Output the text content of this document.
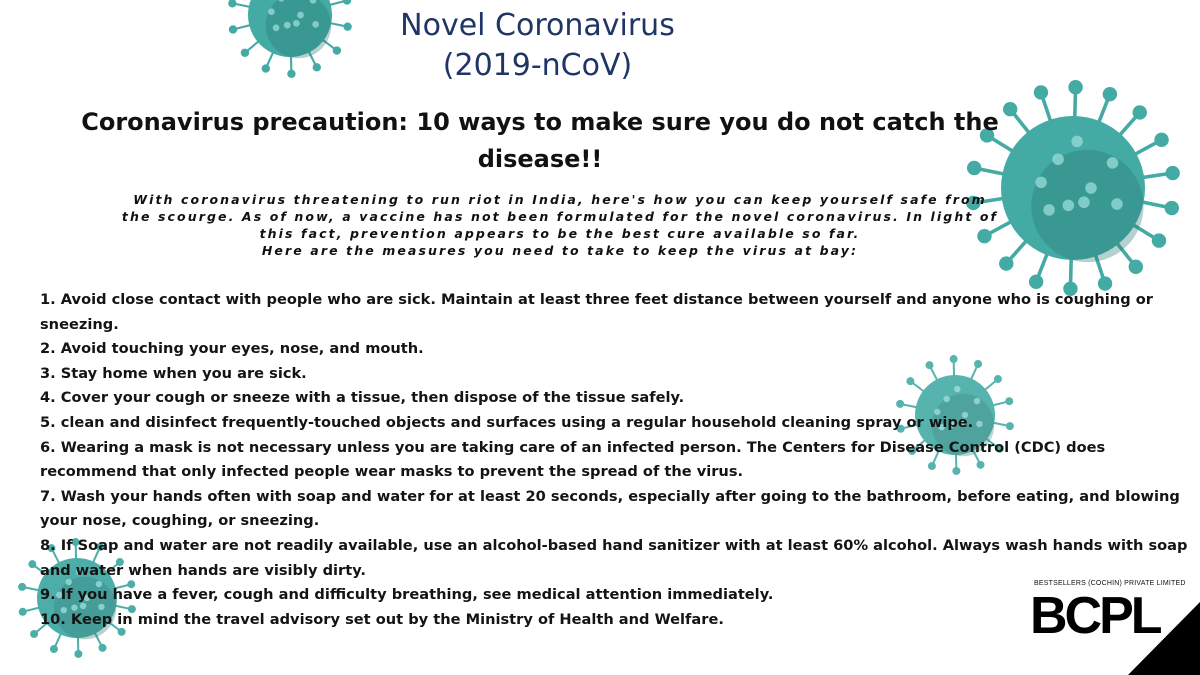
Novel Coronavirus
(2019-nCoV)
Coronavirus precaution: 10 ways to make sure you do not catch the disease!!
With coronavirus threatening to run riot in India, here's how you can keep yourself safe from
the scourge. As of now, a vaccine has not been formulated for the novel coronavirus. In light of
this fact, prevention appears to be the best cure available so far.
Here are the measures you need to take to keep the virus at bay:
1. Avoid close contact with people who are sick. Maintain at least three feet distance between yourself and anyone who is coughing or sneezing.
2. Avoid touching your eyes, nose, and mouth.
3. Stay home when you are sick.
4. Cover your cough or sneeze with a tissue, then dispose of the tissue safely.
5. clean and disinfect frequently-touched objects and surfaces using a regular household cleaning spray or wipe.
6. Wearing a mask is not necessary unless you are taking care of an infected person. The Centers for Disease Control (CDC) does recommend that only infected people wear masks to prevent the spread of the virus.
7. Wash your hands often with soap and water for at least 20 seconds, especially after going to the bathroom, before eating, and blowing your nose, coughing, or sneezing.
8. If Soap and water are not readily available, use an alcohol-based hand sanitizer with at least 60% alcohol. Always wash hands with soap and water when hands are visibly dirty.
9. If you have a fever, cough and difficulty breathing, see medical attention immediately.
10. Keep in mind the travel advisory set out by the Ministry of Health and Welfare.
BESTSELLERS (COCHIN) PRIVATE LIMITED
BCPL
